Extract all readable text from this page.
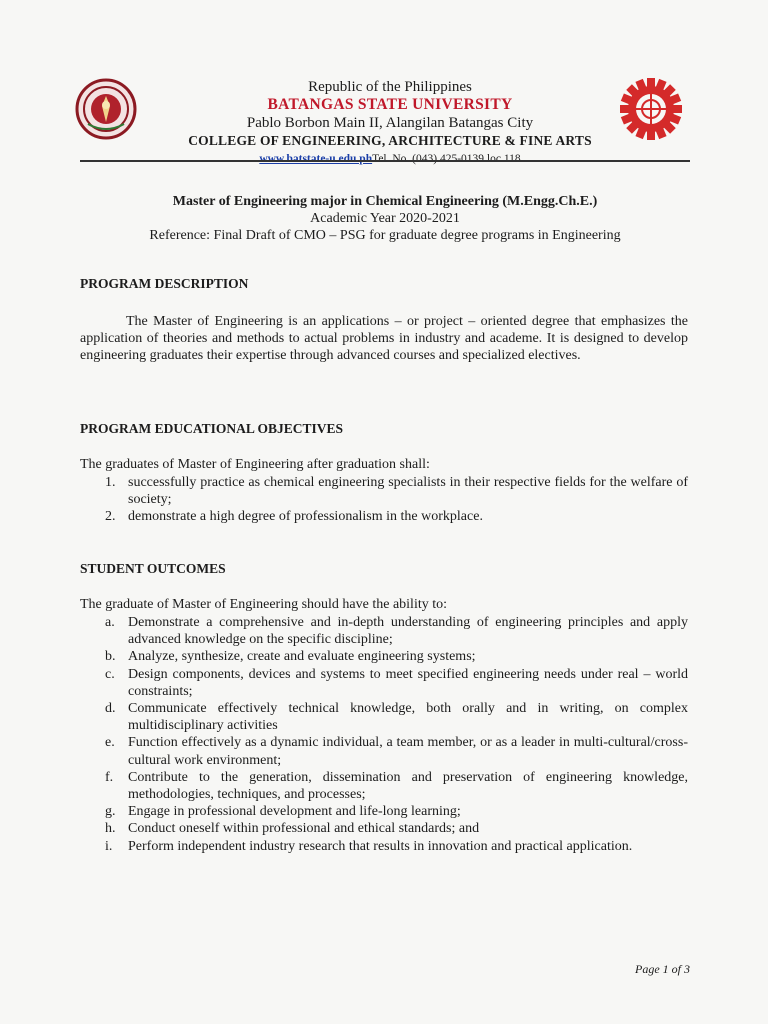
Republic of the Philippines
BATANGAS STATE UNIVERSITY
Pablo Borbon Main II, Alangilan Batangas City
COLLEGE OF ENGINEERING, ARCHITECTURE & FINE ARTS
www.batstate-u.edu.phTel. No. (043) 425-0139 loc 118
Master of Engineering major in Chemical Engineering (M.Engg.Ch.E.)
Academic Year 2020-2021
Reference: Final Draft of CMO – PSG for graduate degree programs in Engineering
PROGRAM DESCRIPTION
The Master of Engineering is an applications – or project – oriented degree that emphasizes the application of theories and methods to actual problems in industry and academe. It is designed to develop engineering graduates their expertise through advanced courses and specialized electives.
PROGRAM EDUCATIONAL OBJECTIVES
The graduates of Master of Engineering after graduation shall:
1. successfully practice as chemical engineering specialists in their respective fields for the welfare of society;
2. demonstrate a high degree of professionalism in the workplace.
STUDENT OUTCOMES
The graduate of Master of Engineering should have the ability to:
a. Demonstrate a comprehensive and in-depth understanding of engineering principles and apply advanced knowledge on the specific discipline;
b. Analyze, synthesize, create and evaluate engineering systems;
c. Design components, devices and systems to meet specified engineering needs under real – world constraints;
d. Communicate effectively technical knowledge, both orally and in writing, on complex multidisciplinary activities
e. Function effectively as a dynamic individual, a team member, or as a leader in multi-cultural/cross-cultural work environment;
f. Contribute to the generation, dissemination and preservation of engineering knowledge, methodologies, techniques, and processes;
g. Engage in professional development and life-long learning;
h. Conduct oneself within professional and ethical standards; and
i. Perform independent industry research that results in innovation and practical application.
Page 1 of 3
